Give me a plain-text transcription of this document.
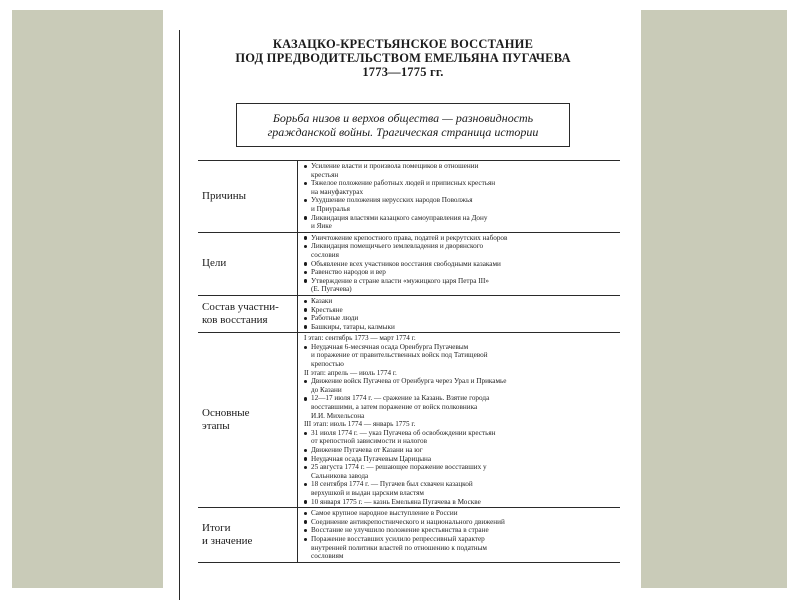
КАЗАЦКО-КРЕСТЬЯНСКОЕ ВОССТАНИЕ
ПОД ПРЕДВОДИТЕЛЬСТВОМ ЕМЕЛЬЯНА ПУГАЧЕВА
1773—1775 гг.
Борьба низов и верхов общества — разновидность
гражданской войны. Трагическая страница истории
Причины
Усиление власти и произвола помещиков в отношении
крестьян
Тяжелое положение работных людей и приписных крестьян
на мануфактурах
Ухудшение положения нерусских народов Поволжья
и Приуралья
Ликвидация властями казацкого самоуправления на Дону
и Яике
Цели
Уничтожение крепостного права, податей и рекрутских наборов
Ликвидация помещичьего землевладения и дворянского
сословия
Объявление всех участников восстания свободными казаками
Равенство народов и вер
Утверждение в стране власти «мужицкого царя Петра III»
(Е. Пугачева)
Состав участни-
ков восстания
Казаки
Крестьяне
Работные люди
Башкиры, татары, калмыки
Основные
этапы
I этап: сентябрь 1773 — март 1774 г.
Неудачная 6-месячная осада Оренбурга Пугачевым
и поражение от правительственных войск под Татищевой
крепостью
II этап: апрель — июль 1774 г.
Движение войск Пугачева от Оренбурга через Урал и Прикамье
до Казани
12—17 июля 1774 г. — сражение за Казань. Взятие города
восставшими, а затем поражение от войск полковника
И.И. Михельсона
III этап: июль 1774 — январь 1775 г.
31 июля 1774 г. — указ Пугачева об освобождении крестьян
от крепостной зависимости и налогов
Движение Пугачева от Казани на юг
Неудачная осада Пугачевым Царицына
25 августа 1774 г. — решающее поражение восставших у
Сальникова завода
18 сентября 1774 г. — Пугачев был схвачен казацкой
верхушкой и выдан царским властям
10 января 1775 г. — казнь Емельяна Пугачева в Москве
Итоги
и значение
Самое крупное народное выступление в России
Соединение антикрепостнического и национального движений
Восстание не улучшило положение крестьянства в стране
Поражение восставших усилило репрессивный характер
внутренней политики властей по отношению к податным
сословиям
